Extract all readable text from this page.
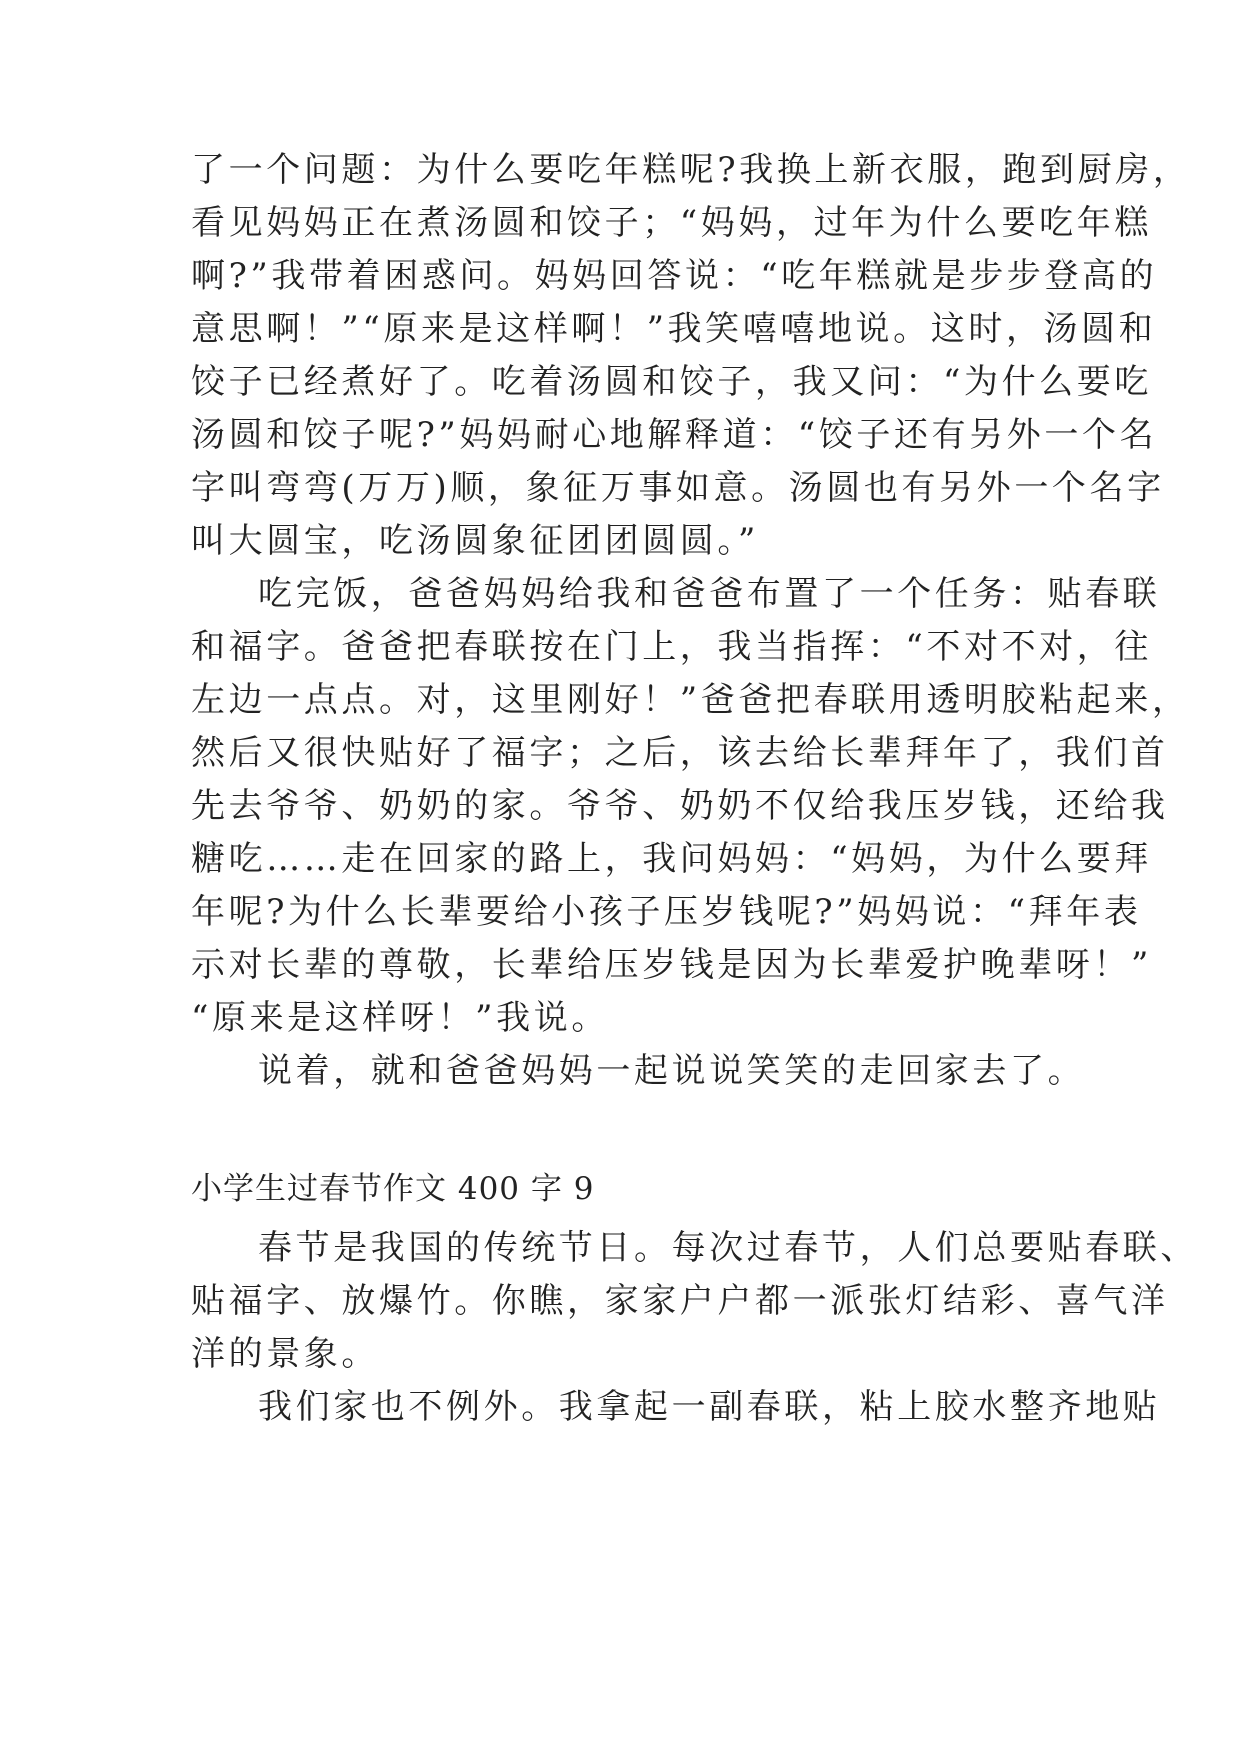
了一个问题：为什么要吃年糕呢?我换上新衣服，跑到厨房，
看见妈妈正在煮汤圆和饺子；“妈妈，过年为什么要吃年糕
啊?”我带着困惑问。妈妈回答说：“吃年糕就是步步登高的
意思啊！”“原来是这样啊！”我笑嘻嘻地说。这时，汤圆和
饺子已经煮好了。吃着汤圆和饺子，我又问：“为什么要吃
汤圆和饺子呢?”妈妈耐心地解释道：“饺子还有另外一个名
字叫弯弯(万万)顺，象征万事如意。汤圆也有另外一个名字
叫大圆宝，吃汤圆象征团团圆圆。”
吃完饭，爸爸妈妈给我和爸爸布置了一个任务：贴春联
和福字。爸爸把春联按在门上，我当指挥：“不对不对，往
左边一点点。对，这里刚好！”爸爸把春联用透明胶粘起来，
然后又很快贴好了福字；之后，该去给长辈拜年了，我们首
先去爷爷、奶奶的家。爷爷、奶奶不仅给我压岁钱，还给我
糖吃……走在回家的路上，我问妈妈：“妈妈，为什么要拜
年呢?为什么长辈要给小孩子压岁钱呢?”妈妈说：“拜年表
示对长辈的尊敬，长辈给压岁钱是因为长辈爱护晚辈呀！”
“原来是这样呀！”我说。
说着，就和爸爸妈妈一起说说笑笑的走回家去了。
小学生过春节作文 400 字 9
春节是我国的传统节日。每次过春节，人们总要贴春联、
贴福字、放爆竹。你瞧，家家户户都一派张灯结彩、喜气洋
洋的景象。
我们家也不例外。我拿起一副春联，粘上胶水整齐地贴
